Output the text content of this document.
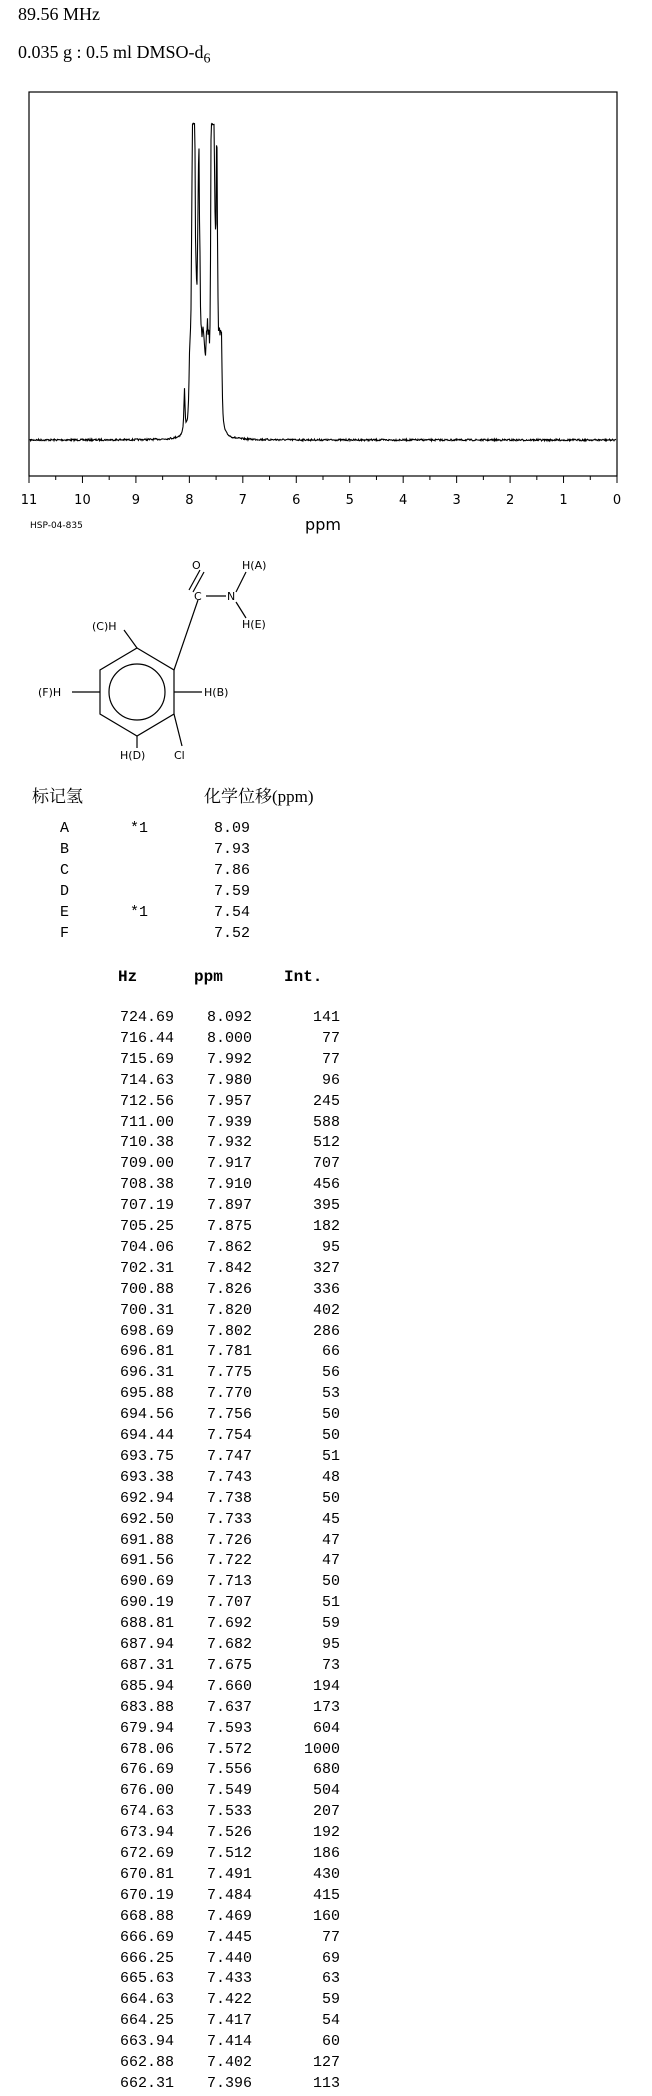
89.56 MHz
0.035 g : 0.5 ml DMSO-$d_6$
11	10	9	8	7	6	5	4	3	2	1	0
ppm
HSP-04-835
O
C N
H(A)
H(E)
(C)H
(F)H	H(B)
H(D)	Cl
标记氢	化学位移(ppm)
A	*1	8.09
B	7.93
C	7.86
D	7.59
E	*1	7.54
F	7.52
Hz	ppm	Int.
724.69	8.092	141
716.44	8.000	77
715.69	7.992	77
714.63	7.980	96
712.56	7.957	245
711.00	7.939	588
710.38	7.932	512
709.00	7.917	707
708.38	7.910	456
707.19	7.897	395
705.25	7.875	182
704.06	7.862	95
702.31	7.842	327
700.88	7.826	336
700.31	7.820	402
698.69	7.802	286
696.81	7.781	66
696.31	7.775	56
695.88	7.770	53
694.56	7.756	50
694.44	7.754	50
693.75	7.747	51
693.38	7.743	48
692.94	7.738	50
692.50	7.733	45
691.88	7.726	47
691.56	7.722	47
690.69	7.713	50
690.19	7.707	51
688.81	7.692	59
687.94	7.682	95
687.31	7.675	73
685.94	7.660	194
683.88	7.637	173
679.94	7.593	604
678.06	7.572	1000
676.69	7.556	680
676.00	7.549	504
674.63	7.533	207
673.94	7.526	192
672.69	7.512	186
670.81	7.491	430
670.19	7.484	415
668.88	7.469	160
666.69	7.445	77
666.25	7.440	69
665.63	7.433	63
664.63	7.422	59
664.25	7.417	54
663.94	7.414	60
662.88	7.402	127
662.31	7.396	113
